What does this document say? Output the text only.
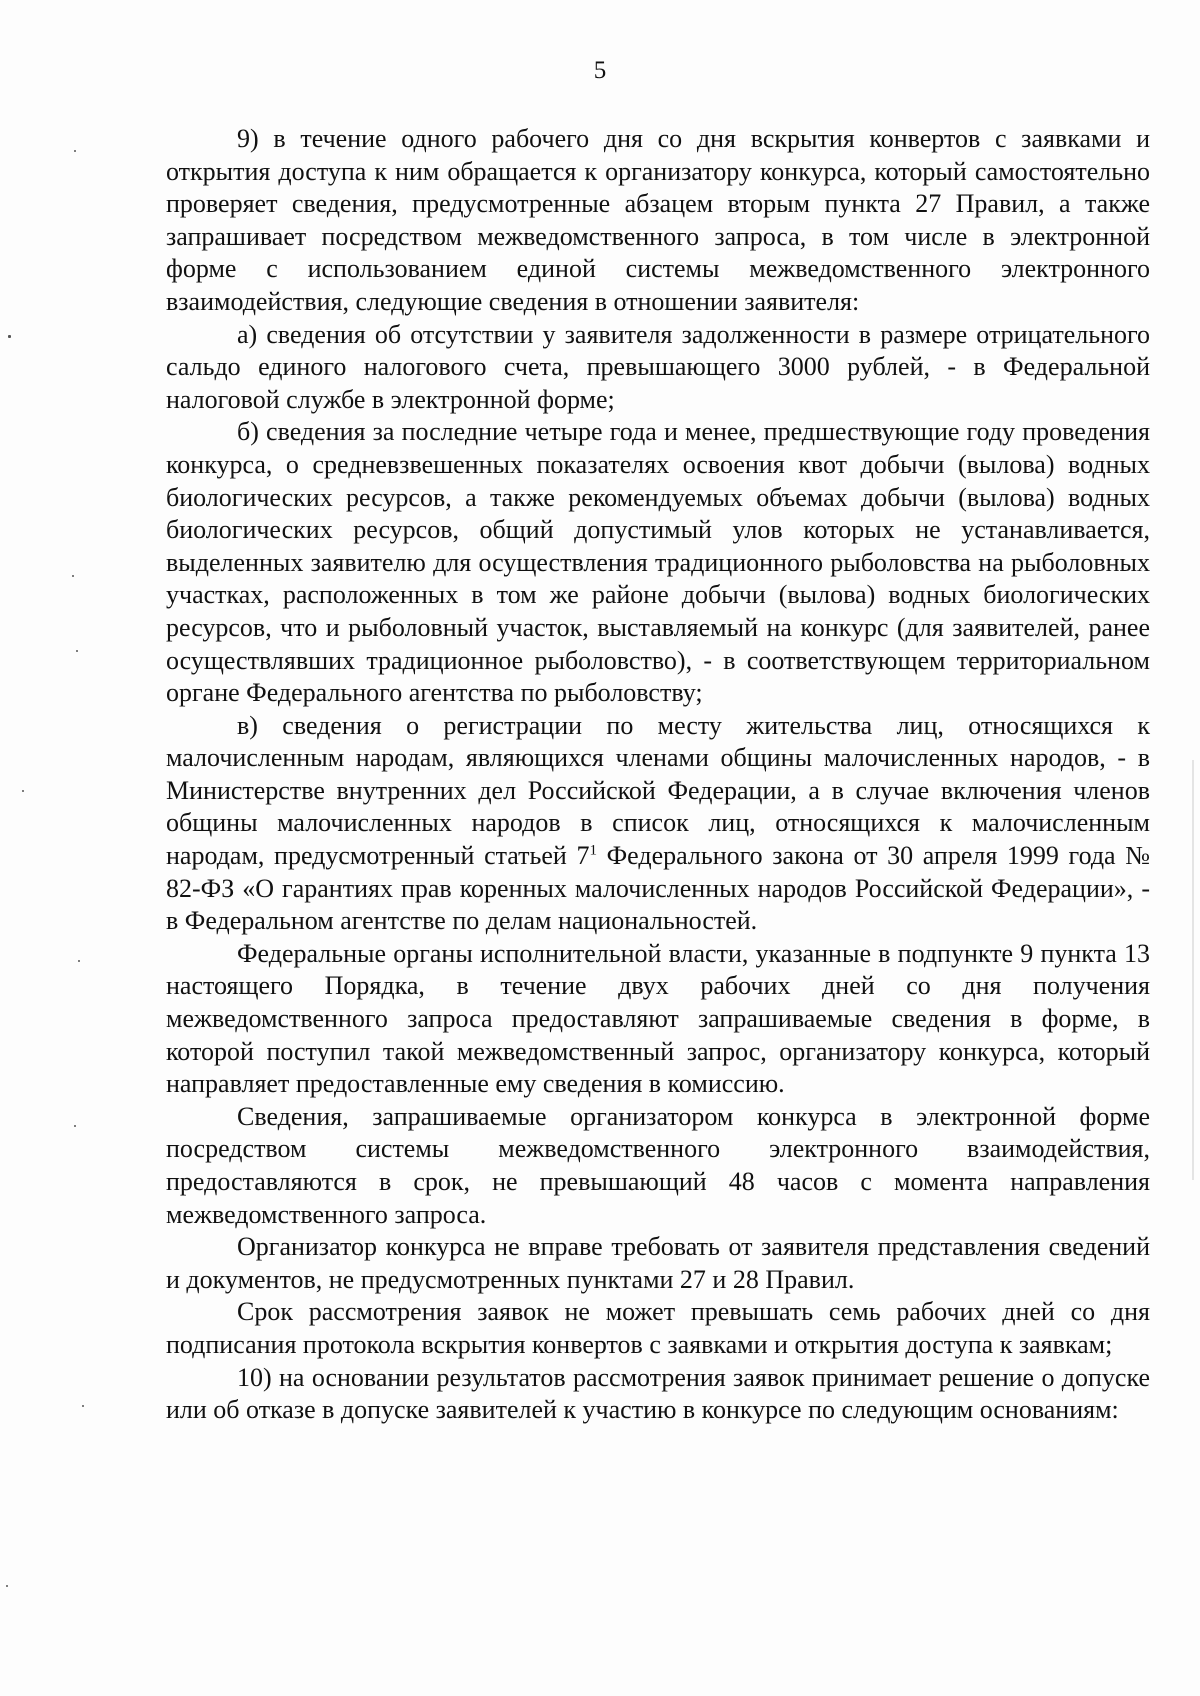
5

9) в течение одного рабочего дня со дня вскрытия конвертов с заявками и открытия доступа к ним обращается к организатору конкурса, который самостоятельно проверяет сведения, предусмотренные абзацем вторым пункта 27 Правил, а также запрашивает посредством межведомственного запроса, в том числе в электронной форме с использованием единой системы межведомственного электронного взаимодействия, следующие сведения в отношении заявителя:

а) сведения об отсутствии у заявителя задолженности в размере отрицательного сальдо единого налогового счета, превышающего 3000 рублей, - в Федеральной налоговой службе в электронной форме;

б) сведения за последние четыре года и менее, предшествующие году проведения конкурса, о средневзвешенных показателях освоения квот добычи (вылова) водных биологических ресурсов, а также рекомендуемых объемах добычи (вылова) водных биологических ресурсов, общий допустимый улов которых не устанавливается, выделенных заявителю для осуществления традиционного рыболовства на рыболовных участках, расположенных в том же районе добычи (вылова) водных биологических ресурсов, что и рыболовный участок, выставляемый на конкурс (для заявителей, ранее осуществлявших традиционное рыболовство), - в соответствующем территориальном органе Федерального агентства по рыболовству;

в) сведения о регистрации по месту жительства лиц, относящихся к малочисленным народам, являющихся членами общины малочисленных народов, - в Министерстве внутренних дел Российской Федерации, а в случае включения членов общины малочисленных народов в список лиц, относящихся к малочисленным народам, предусмотренный статьей $7^1$ Федерального закона от 30 апреля 1999 года № 82-ФЗ «О гарантиях прав коренных малочисленных народов Российской Федерации», - в Федеральном агентстве по делам национальностей.

Федеральные органы исполнительной власти, указанные в подпункте 9 пункта 13 настоящего Порядка, в течение двух рабочих дней со дня получения межведомственного запроса предоставляют запрашиваемые сведения в форме, в которой поступил такой межведомственный запрос, организатору конкурса, который направляет предоставленные ему сведения в комиссию.

Сведения, запрашиваемые организатором конкурса в электронной форме посредством системы межведомственного электронного взаимодействия, предоставляются в срок, не превышающий 48 часов с момента направления межведомственного запроса.

Организатор конкурса не вправе требовать от заявителя представления сведений и документов, не предусмотренных пунктами 27 и 28 Правил.

Срок рассмотрения заявок не может превышать семь рабочих дней со дня подписания протокола вскрытия конвертов с заявками и открытия доступа к заявкам;

10) на основании результатов рассмотрения заявок принимает решение о допуске или об отказе в допуске заявителей к участию в конкурсе по следующим основаниям:
